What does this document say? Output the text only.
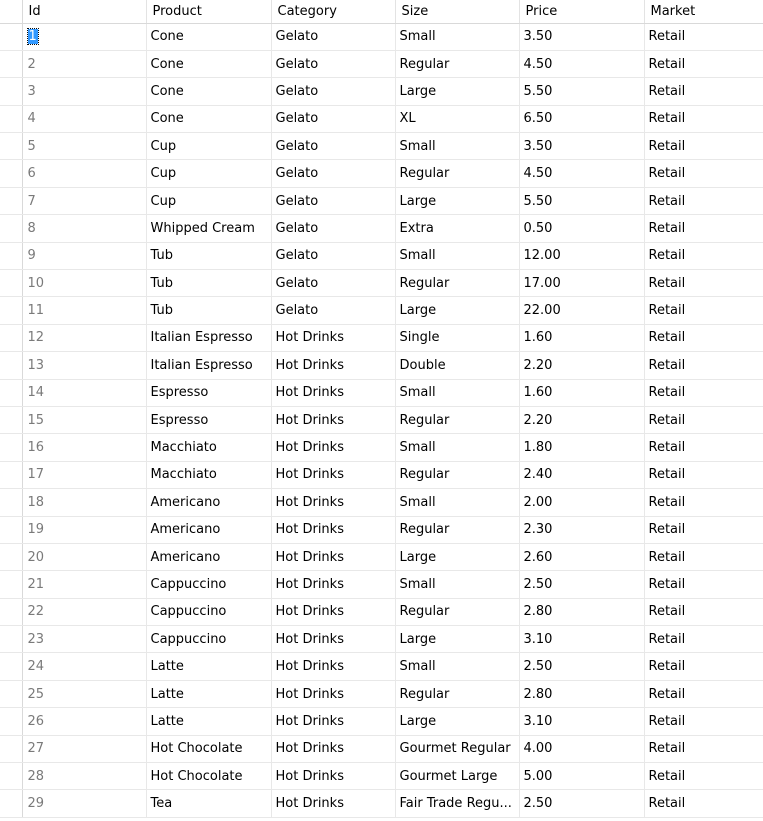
	Id	Product	Category	Size	Price	Market
	1	Cone	Gelato	Small	3.50	Retail
	2	Cone	Gelato	Regular	4.50	Retail
	3	Cone	Gelato	Large	5.50	Retail
	4	Cone	Gelato	XL	6.50	Retail
	5	Cup	Gelato	Small	3.50	Retail
	6	Cup	Gelato	Regular	4.50	Retail
	7	Cup	Gelato	Large	5.50	Retail
	8	Whipped Cream	Gelato	Extra	0.50	Retail
	9	Tub	Gelato	Small	12.00	Retail
	10	Tub	Gelato	Regular	17.00	Retail
	11	Tub	Gelato	Large	22.00	Retail
	12	Italian Espresso	Hot Drinks	Single	1.60	Retail
	13	Italian Espresso	Hot Drinks	Double	2.20	Retail
	14	Espresso	Hot Drinks	Small	1.60	Retail
	15	Espresso	Hot Drinks	Regular	2.20	Retail
	16	Macchiato	Hot Drinks	Small	1.80	Retail
	17	Macchiato	Hot Drinks	Regular	2.40	Retail
	18	Americano	Hot Drinks	Small	2.00	Retail
	19	Americano	Hot Drinks	Regular	2.30	Retail
	20	Americano	Hot Drinks	Large	2.60	Retail
	21	Cappuccino	Hot Drinks	Small	2.50	Retail
	22	Cappuccino	Hot Drinks	Regular	2.80	Retail
	23	Cappuccino	Hot Drinks	Large	3.10	Retail
	24	Latte	Hot Drinks	Small	2.50	Retail
	25	Latte	Hot Drinks	Regular	2.80	Retail
	26	Latte	Hot Drinks	Large	3.10	Retail
	27	Hot Chocolate	Hot Drinks	Gourmet Regular	4.00	Retail
	28	Hot Chocolate	Hot Drinks	Gourmet Large	5.00	Retail
	29	Tea	Hot Drinks	Fair Trade Regu...	2.50	Retail
